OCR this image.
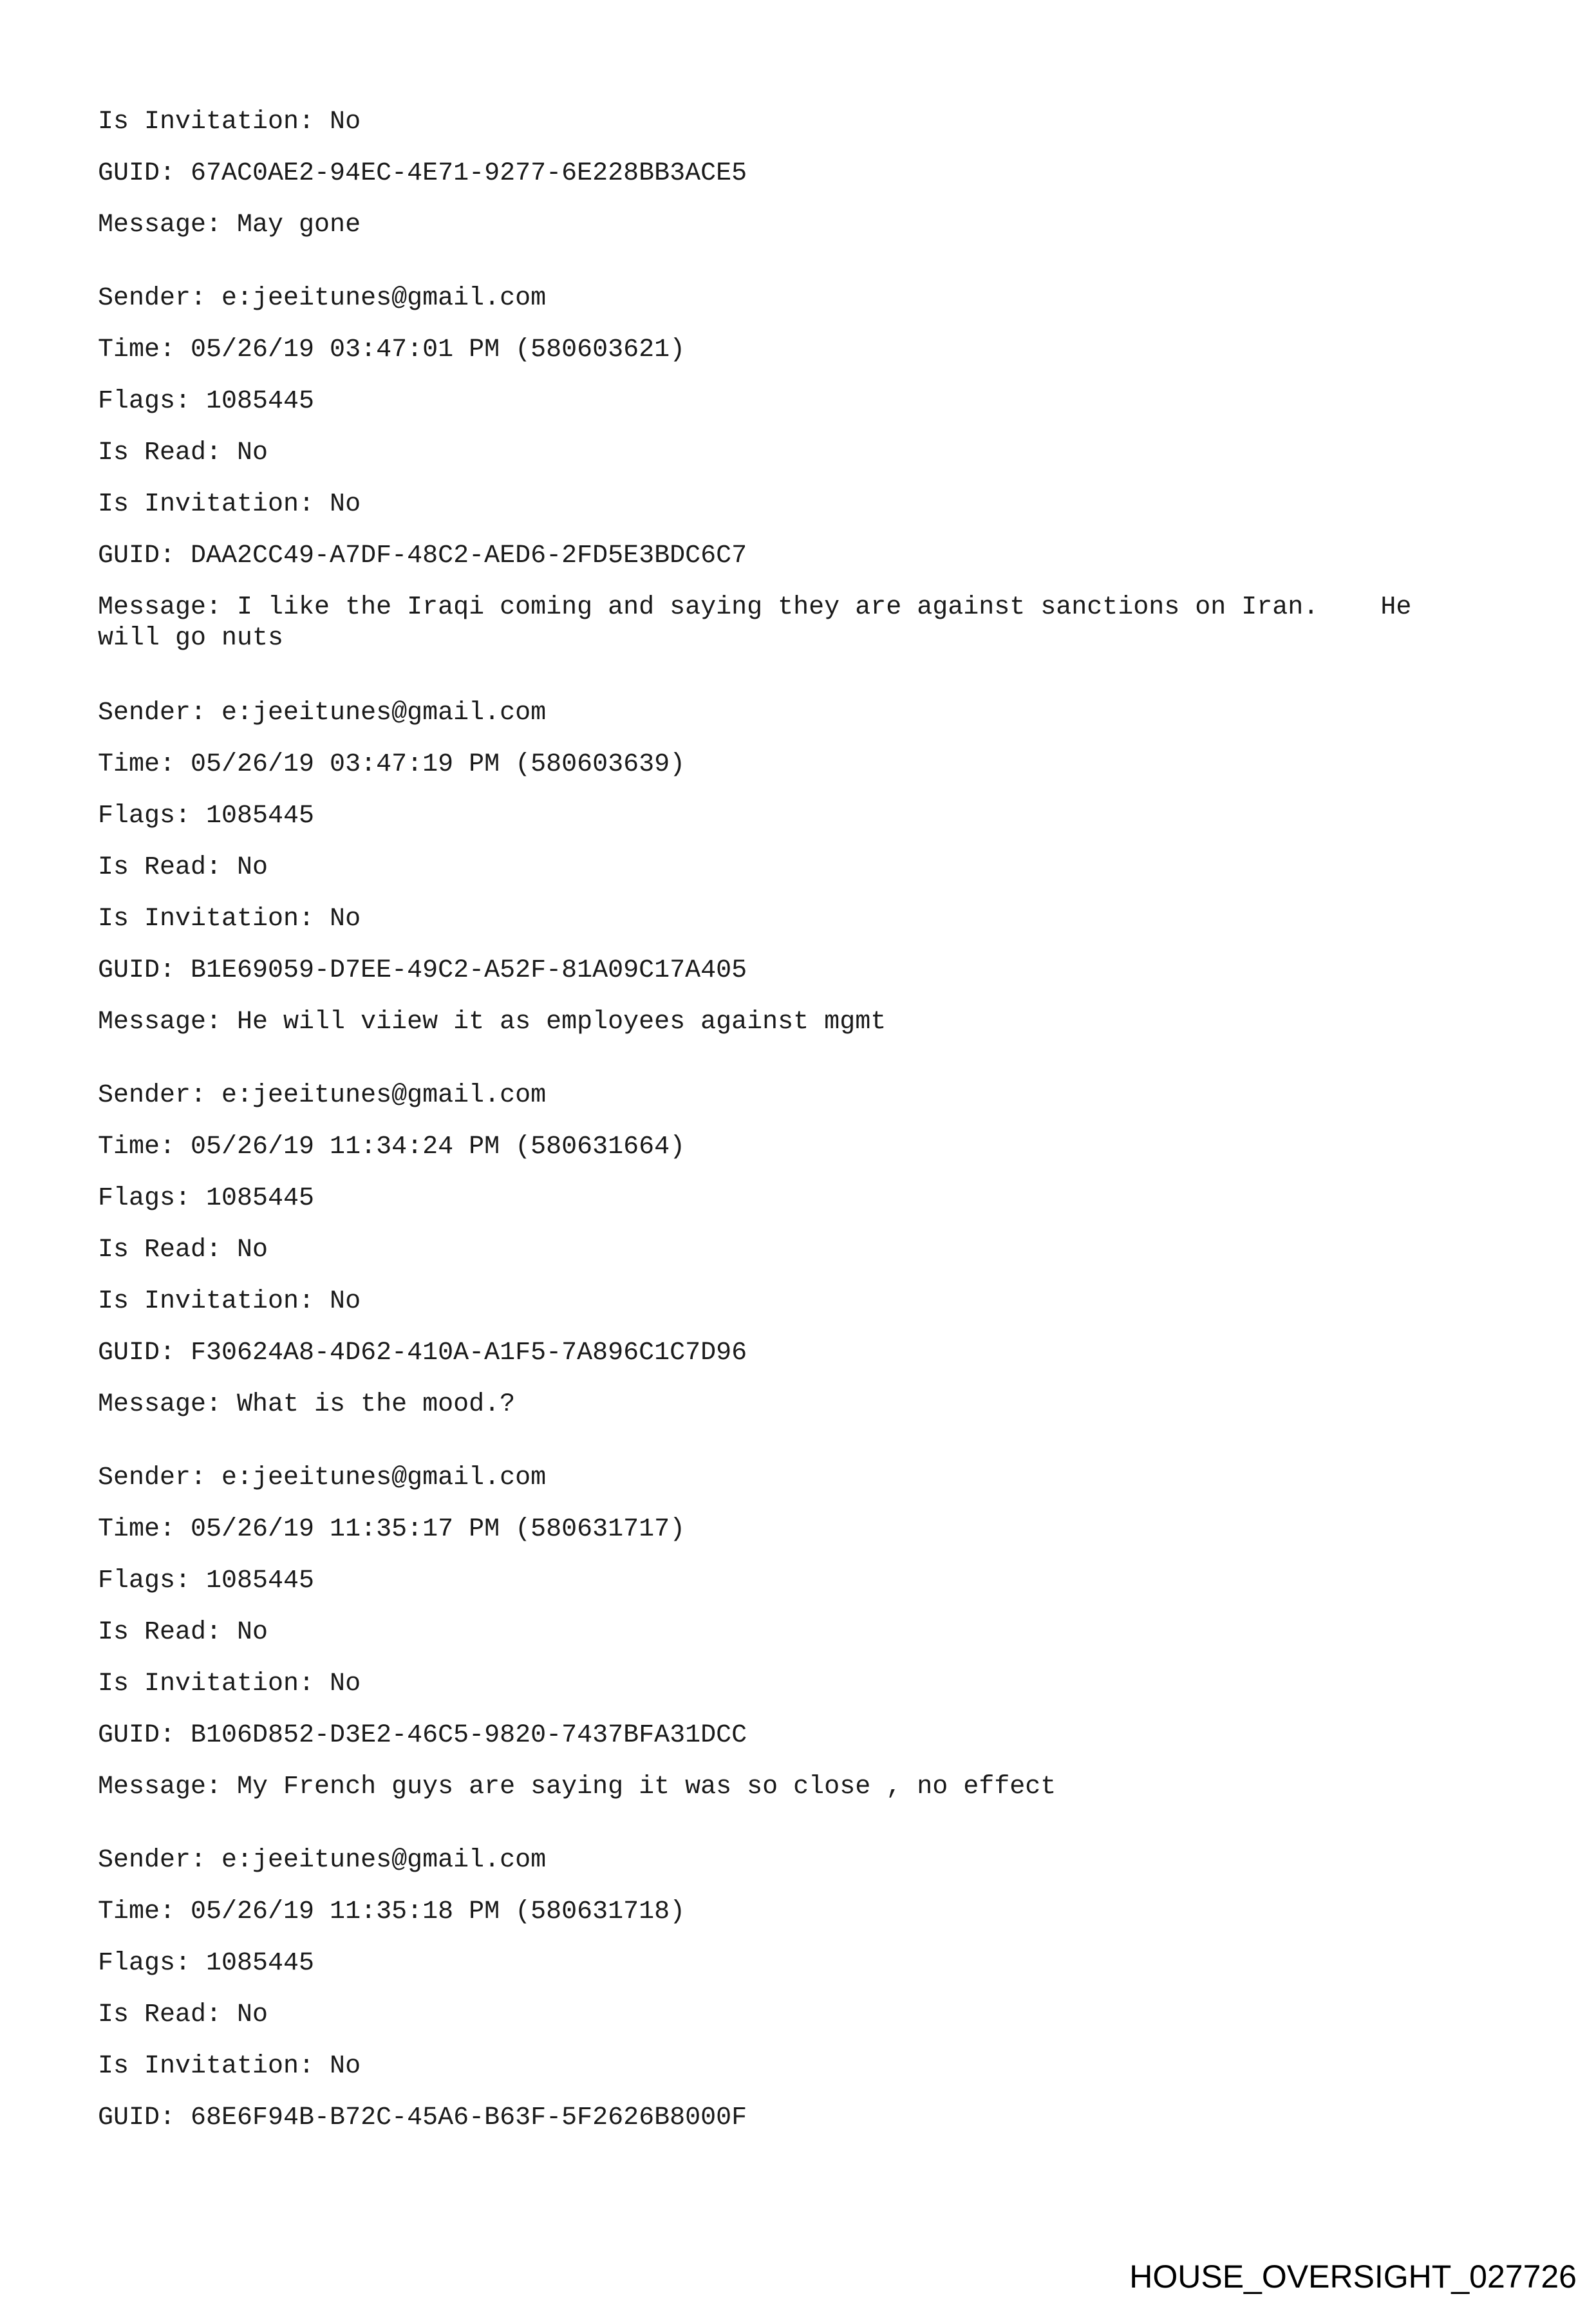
Is Invitation: No
GUID: 67AC0AE2-94EC-4E71-9277-6E228BB3ACE5
Message: May gone
Sender: e:jeeitunes@gmail.com
Time: 05/26/19 03:47:01 PM (580603621)
Flags: 1085445
Is Read: No
Is Invitation: No
GUID: DAA2CC49-A7DF-48C2-AED6-2FD5E3BDC6C7
Message: I like the Iraqi coming and saying they are against sanctions on Iran.    He
will go nuts
Sender: e:jeeitunes@gmail.com
Time: 05/26/19 03:47:19 PM (580603639)
Flags: 1085445
Is Read: No
Is Invitation: No
GUID: B1E69059-D7EE-49C2-A52F-81A09C17A405
Message: He will viiew it as employees against mgmt
Sender: e:jeeitunes@gmail.com
Time: 05/26/19 11:34:24 PM (580631664)
Flags: 1085445
Is Read: No
Is Invitation: No
GUID: F30624A8-4D62-410A-A1F5-7A896C1C7D96
Message: What is the mood.?
Sender: e:jeeitunes@gmail.com
Time: 05/26/19 11:35:17 PM (580631717)
Flags: 1085445
Is Read: No
Is Invitation: No
GUID: B106D852-D3E2-46C5-9820-7437BFA31DCC
Message: My French guys are saying it was so close , no effect
Sender: e:jeeitunes@gmail.com
Time: 05/26/19 11:35:18 PM (580631718)
Flags: 1085445
Is Read: No
Is Invitation: No
GUID: 68E6F94B-B72C-45A6-B63F-5F2626B8000F
HOUSE_OVERSIGHT_027726
